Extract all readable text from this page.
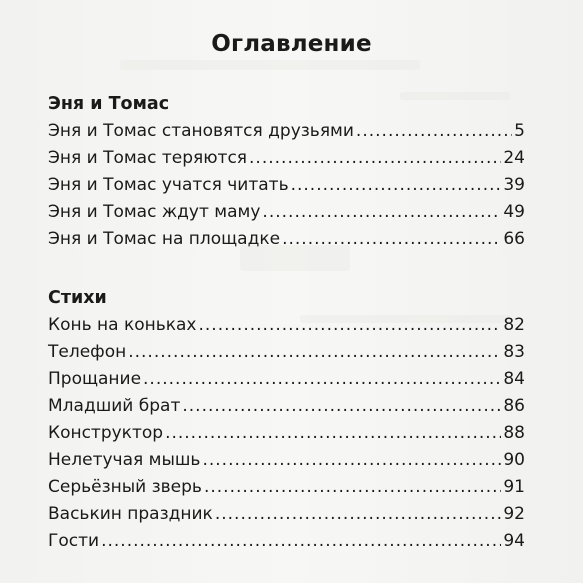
Оглавление
Эня и Томас
Эня и Томас становятся друзьями .....	5
Эня и Томас теряются .....	24
Эня и Томас учатся читать .....	39
Эня и Томас ждут маму .....	49
Эня и Томас на площадке .....	66
Стихи
Конь на коньках .....	82
Телефон .....	83
Прощание .....	84
Младший брат .....	86
Конструктор .....	88
Нелетучая мышь .....	90
Серьёзный зверь .....	91
Васькин праздник .....	92
Гости .....	94
